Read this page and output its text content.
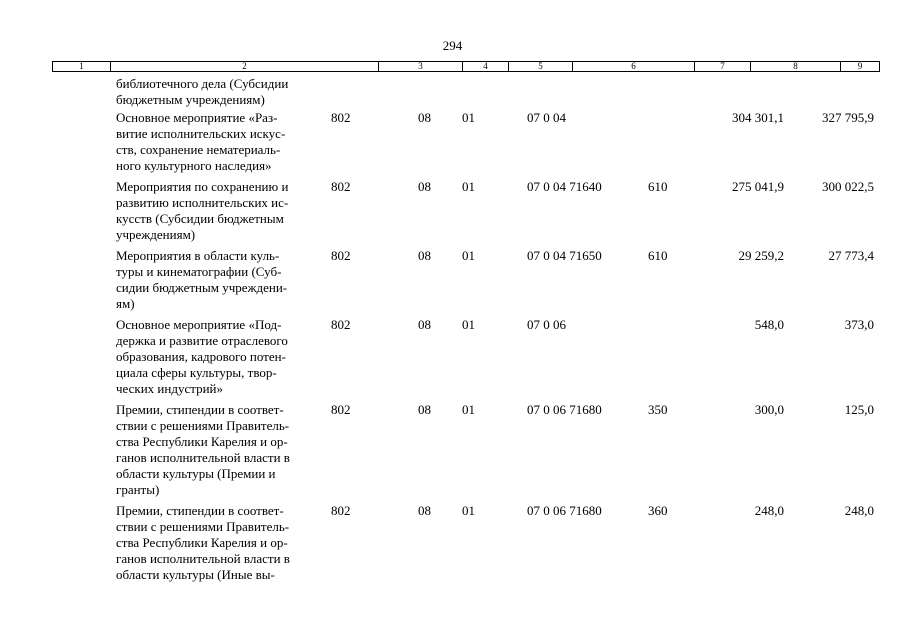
294
1	2	3	4	5	6	7	8	9
библиотечного дела (Субсидии
бюджетным учреждениям)
Основное мероприятие «Раз-
витие исполнительских искус-
ств, сохранение нематериаль-
ного культурного наследия»
802	08 01	07 0 04	304 301,1	327 795,9
Мероприятия по сохранению и
развитию исполнительских ис-
кусств (Субсидии бюджетным
учреждениям)
802	08 01	07 0 04 71640	610	275 041,9	300 022,5
Мероприятия в области куль-
туры и кинематографии (Суб-
сидии бюджетным учреждени-
ям)
802	08 01	07 0 04 71650	610	29 259,2	27 773,4
Основное мероприятие «Под-
держка и развитие отраслевого
образования, кадрового потен-
циала сферы культуры, твор-
ческих индустрий»
802	08 01	07 0 06	548,0	373,0
Премии, стипендии в соответ-
ствии с решениями Правитель-
ства Республики Карелия и ор-
ганов исполнительной власти в
области культуры (Премии и
гранты)
802	08 01	07 0 06 71680	350	300,0	125,0
Премии, стипендии в соответ-
ствии с решениями Правитель-
ства Республики Карелия и ор-
ганов исполнительной власти в
области культуры (Иные вы-
802	08 01	07 0 06 71680	360	248,0	248,0
